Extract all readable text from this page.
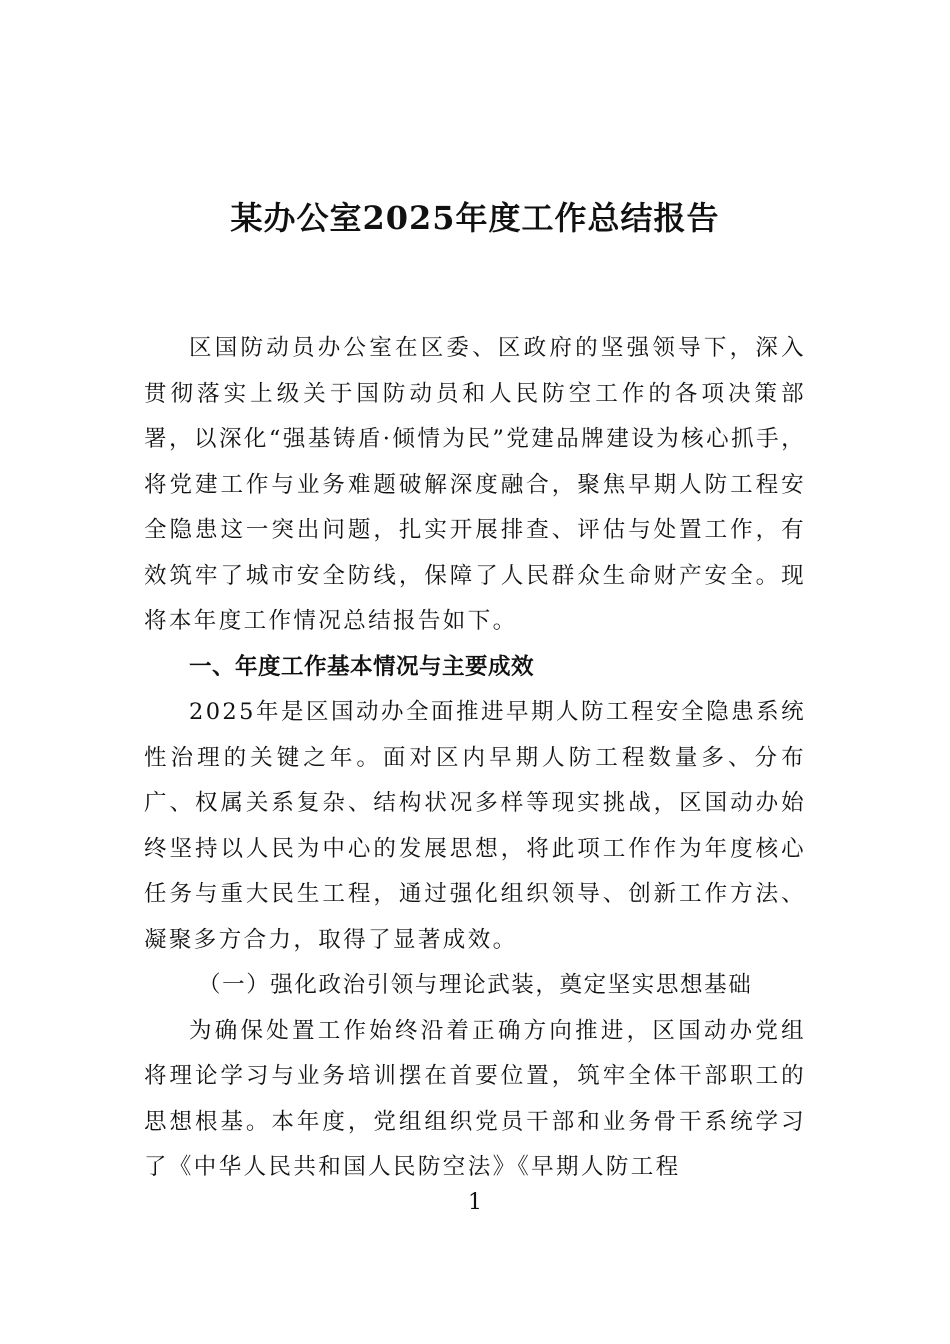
某办公室2025年度工作总结报告

区国防动员办公室在区委、区政府的坚强领导下，深入贯彻落实上级关于国防动员和人民防空工作的各项决策部署，以深化“强基铸盾·倾情为民”党建品牌建设为核心抓手，将党建工作与业务难题破解深度融合，聚焦早期人防工程安全隐患这一突出问题，扎实开展排查、评估与处置工作，有效筑牢了城市安全防线，保障了人民群众生命财产安全。现将本年度工作情况总结报告如下。

一、年度工作基本情况与主要成效

2025年是区国动办全面推进早期人防工程安全隐患系统性治理的关键之年。面对区内早期人防工程数量多、分布广、权属关系复杂、结构状况多样等现实挑战，区国动办始终坚持以人民为中心的发展思想，将此项工作作为年度核心任务与重大民生工程，通过强化组织领导、创新工作方法、凝聚多方合力，取得了显著成效。

（一）强化政治引领与理论武装，奠定坚实思想基础

为确保处置工作始终沿着正确方向推进，区国动办党组将理论学习与业务培训摆在首要位置，筑牢全体干部职工的思想根基。本年度，党组组织党员干部和业务骨干系统学习了《中华人民共和国人民防空法》《早期人防工程

1
